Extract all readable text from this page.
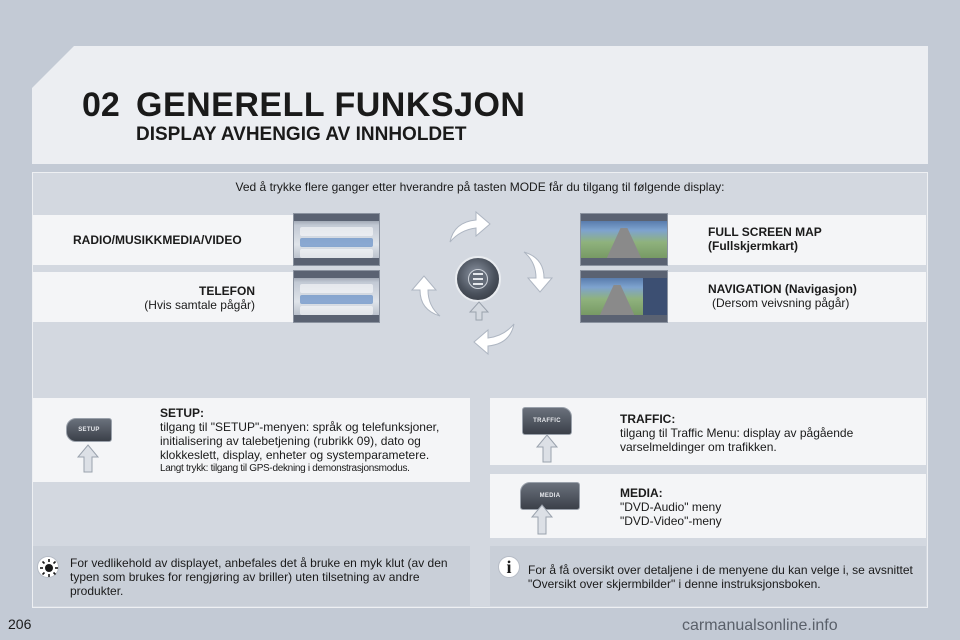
02 GENERELL FUNKSJON
DISPLAY AVHENGIG AV INNHOLDET
Ved å trykke flere ganger etter hverandre på tasten MODE får du tilgang til følgende display:
RADIO/MUSIKKMEDIA/VIDEO
TELEFON
(Hvis samtale pågår)
FULL SCREEN MAP
(Fullskjermkart)
NAVIGATION (Navigasjon)
(Dersom veivsning pågår)
SETUP
SETUP:
tilgang til "SETUP"-menyen: språk og telefunksjoner, initialisering av talebetjening (rubrikk 09), dato og klokkeslett, display, enheter og systemparametere.
Langt trykk: tilgang til GPS-dekning i demonstrasjonsmodus.
TRAFFIC	TRAFFIC:
tilgang til Traffic Menu: display av pågående varselmeldinger om trafikken.
MEDIA	MEDIA:
"DVD-Audio" meny
"DVD-Video"-meny
For vedlikehold av displayet, anbefales det å bruke en myk klut (av den typen som brukes for rengjøring av briller) uten tilsetning av andre produkter.
i	For å få oversikt over detaljene i de menyene du kan velge i, se avsnittet "Oversikt over skjermbilder" i denne instruksjonsboken.
206	carmanualsonline.info
